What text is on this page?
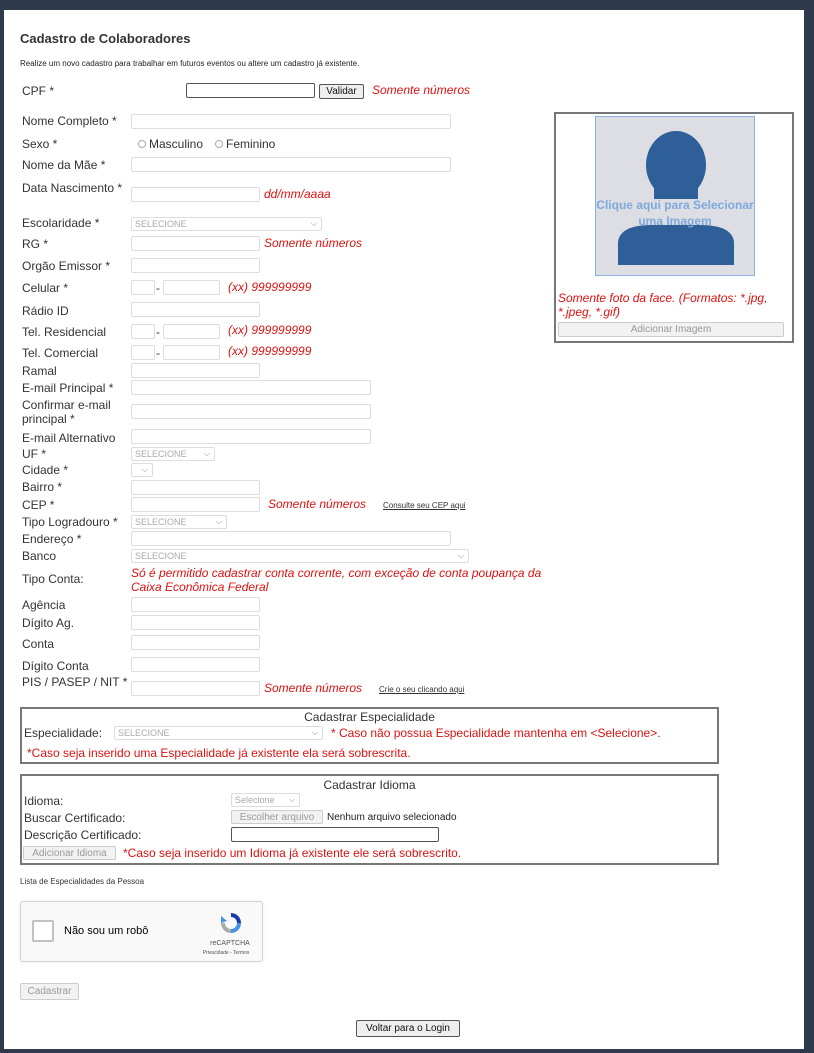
Cadastro de Colaboradores
Realize um novo cadastro para trabalhar em futuros eventos ou altere um cadastro já existente.
CPF *	Validar	Somente números
Nome Completo *
Sexo *	Masculino Feminino
Nome da Mãe *
Data Nascimento *	dd/mm/aaaa
Escolaridade *	SELECIONE	⌵
RG *	Somente números
Orgão Emissor *
Celular *	-	(xx) 999999999
Rádio ID
Tel. Residencial	-	(xx) 999999999
Tel. Comercial	-	(xx) 999999999
Ramal
E-mail Principal *
Confirmar e-mail principal *
E-mail Alternativo
UF *	SELECIONE ⌵
Cidade *	⌵
Bairro *
CEP *	Somente números Consulte seu CEP aqui
Tipo Logradouro *	SELECIONE	⌵
Endereço *
Banco	SELECIONE	⌵
Tipo Conta:	Só é permitido cadastrar conta corrente, com exceção de conta poupança da Caixa Econômica Federal
Agência
Dígito Ag.
Conta
Dígito Conta
PIS / PASEP / NIT *	Somente números Crie o seu clicando aqui
Clique aqui para Selecionar uma Imagem
Somente foto da face. (Formatos: *.jpg, *.jpeg, *.gif)
Adicionar Imagem
Cadastrar Especialidade
Especialidade:	SELECIONE	⌵ * Caso não possua Especialidade mantenha em <Selecione>.
*Caso seja inserido uma Especialidade já existente ela será sobrescrita.
Cadastrar Idioma
Idioma:	Selecione ⌵
Buscar Certificado:	Escolher arquivo	Nenhum arquivo selecionado
Descrição Certificado:
Adicionar Idioma	*Caso seja inserido um Idioma já existente ele será sobrescrito.
Lista de Especialidades da Pessoa
Não sou um robô
reCAPTCHA
Privacidade - Termos
Cadastrar
Voltar para o Login
